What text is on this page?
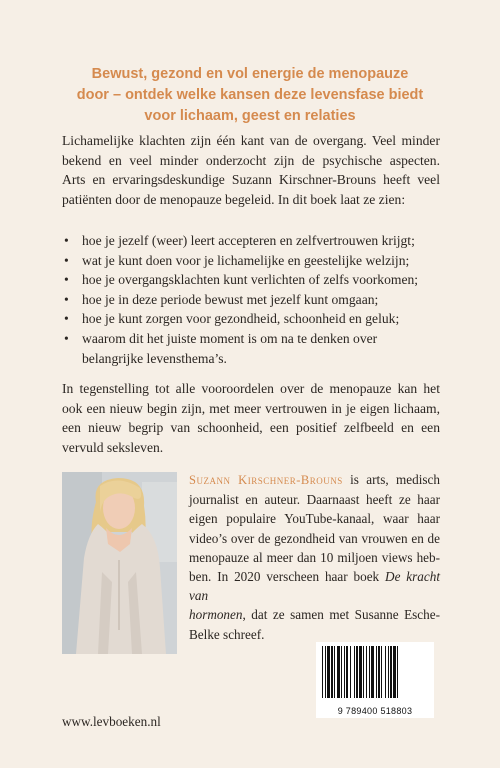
Bewust, gezond en vol energie de menopauze
door – ontdek welke kansen deze levensfase biedt
voor lichaam, geest en relaties
Lichamelijke klachten zijn één kant van de overgang. Veel minder
bekend en veel minder onderzocht zijn de psychische aspecten.
Arts en ervaringsdeskundige Suzann Kirschner-Brouns heeft veel
patiënten door de menopauze begeleid. In dit boek laat ze zien:
• hoe je jezelf (weer) leert accepteren en zelfvertrouwen krijgt;
• wat je kunt doen voor je lichamelijke en geestelijke welzijn;
• hoe je overgangsklachten kunt verlichten of zelfs voorkomen;
• hoe je in deze periode bewust met jezelf kunt omgaan;
• hoe je kunt zorgen voor gezondheid, schoonheid en geluk;
• waarom dit het juiste moment is om na te denken over
belangrijke levensthema’s.
In tegenstelling tot alle vooroordelen over de menopauze kan het
ook een nieuw begin zijn, met meer vertrouwen in je eigen lichaam,
een nieuw begrip van schoonheid, een positief zelfbeeld en een
vervuld seksleven.
Suzann Kirschner-Brouns is arts, medisch
journalist en auteur. Daarnaast heeft ze haar
eigen populaire YouTube-kanaal, waar haar
video’s over de gezondheid van vrouwen en de
menopauze al meer dan 10 miljoen views heb-
ben. In 2020 verscheen haar boek De kracht van
hormonen, dat ze samen met Susanne Esche-
Belke schreef.
9 789400 518803
www.levboeken.nl
